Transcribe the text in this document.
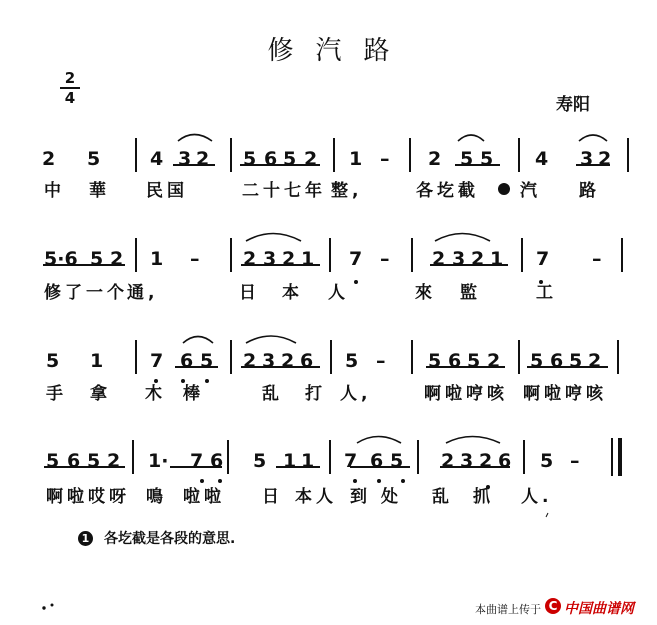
修汽路
2
4	寿阳
2 5	4 3 2 5 6 5 2 1 – 2 5 5 4 3 2
5·6 5 2 1 – 2 3 2 1 7 – 2 3 2 1 7 –
5 1 7 6 5 2 3 2 6 5 – 5 6 5 2 5 6 5 2
5 6 5 2 1· 7 6 5 1 1 7 6 5 2 3 2 6 5 –
中 華 民国	二十七年 整,	各圪截 汽 路
修了一个 通,	日 本 人	來 監	工
手 拿 木 棒	乱 打 人,	啊啦哼咳 啊啦哼咳
啊啦哎呀 鳴 啦啦 日 本人 到 处 乱 抓 人.
1 各圪截是各段的意思.
本曲谱上传于 C 中国曲谱网
